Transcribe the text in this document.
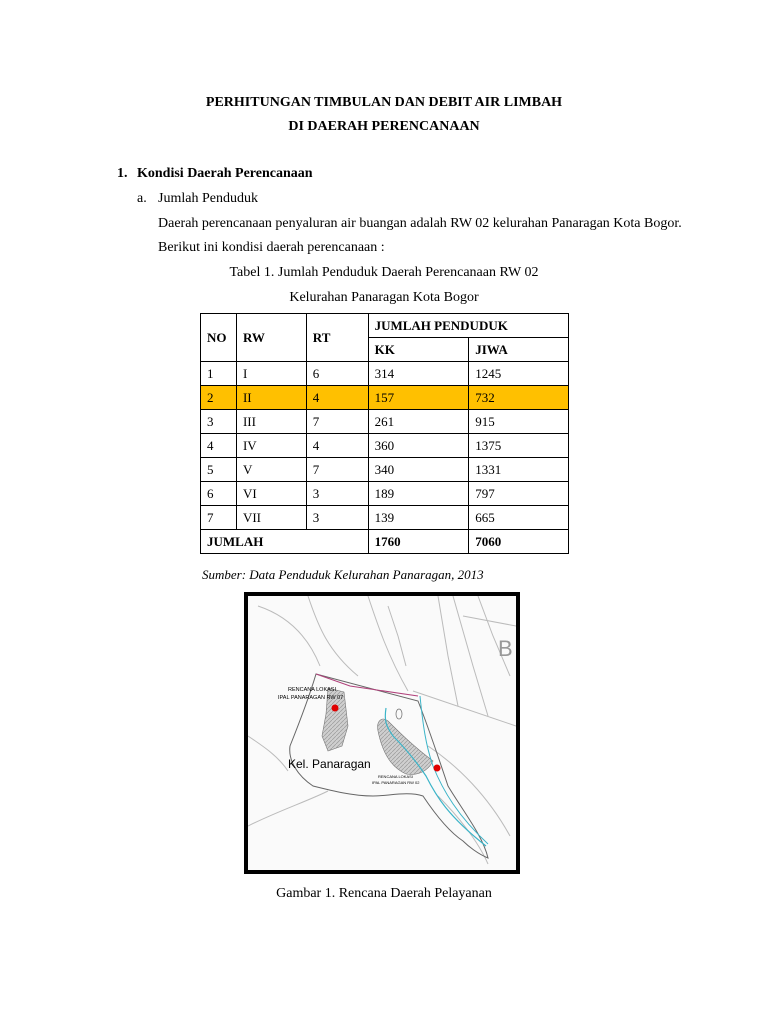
PERHITUNGAN TIMBULAN DAN DEBIT AIR LIMBAH
DI DAERAH PERENCANAAN
1. Kondisi Daerah Perencanaan
a. Jumlah Penduduk
Daerah perencanaan penyaluran air buangan adalah RW 02 kelurahan Panaragan Kota Bogor.
Berikut ini kondisi daerah perencanaan :
Tabel 1. Jumlah Penduduk Daerah Perencanaan RW 02
Kelurahan Panaragan Kota Bogor
NO	RW	RT	JUMLAH PENDUDUK	
			KK	JIWA
1	I	6	314	1245
2	II	4	157	732
3	III	7	261	915
4	IV	4	360	1375
5	V	7	340	1331
6	VI	3	189	797
7	VII	3	139	665
JUMLAH			1760	7060
Sumber: Data Penduduk Kelurahan Panaragan, 2013
RENCANA LOKASI
IPAL PANARAGAN RW 07
Kel. Panaragan
RENCANA LOKASI
IPAL PANARAGAN RW 02
B
Gambar 1. Rencana Daerah Pelayanan
